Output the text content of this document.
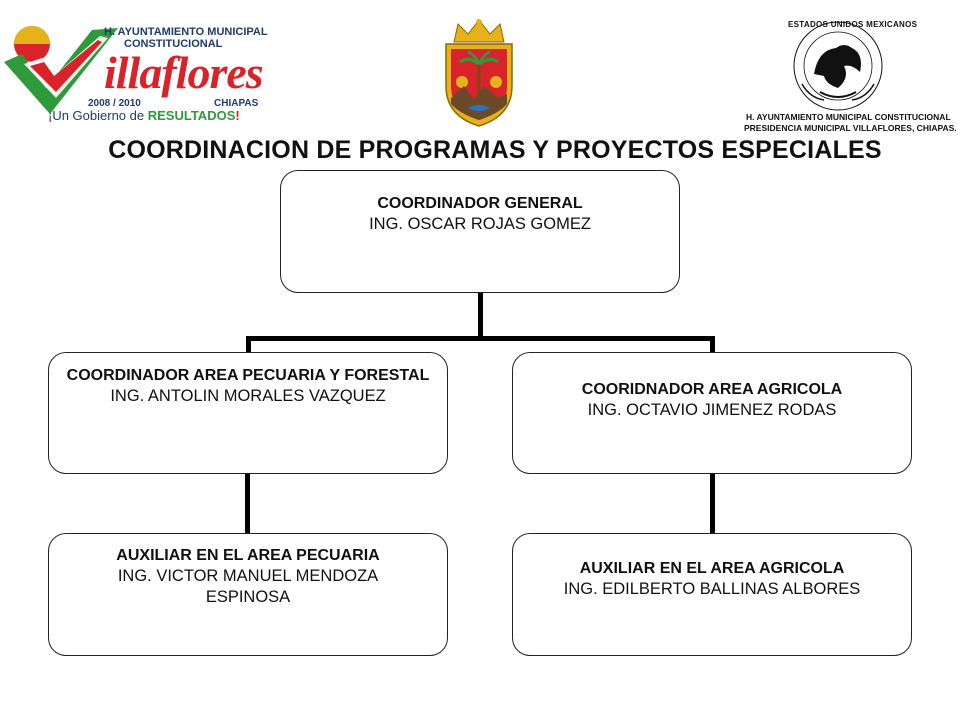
H. AYUNTAMIENTO MUNICIPAL
CONSTITUCIONAL
illaflores
2008 / 2010	CHIAPAS
¡Un Gobierno de RESULTADOS!
ESTADOS UNIDOS MEXICANOS
H. AYUNTAMIENTO MUNICIPAL CONSTITUCIONAL
PRESIDENCIA MUNICIPAL VILLAFLORES, CHIAPAS.
COORDINACION DE PROGRAMAS Y PROYECTOS ESPECIALES
COORDINADOR GENERAL
ING. OSCAR ROJAS GOMEZ
COORDINADOR AREA PECUARIA Y FORESTAL
ING. ANTOLIN MORALES VAZQUEZ	COORIDNADOR AREA AGRICOLA
ING. OCTAVIO JIMENEZ RODAS
AUXILIAR EN EL AREA PECUARIA
ING. VICTOR MANUEL MENDOZA ESPINOSA
AUXILIAR EN EL AREA AGRICOLA
ING. EDILBERTO BALLINAS ALBORES
